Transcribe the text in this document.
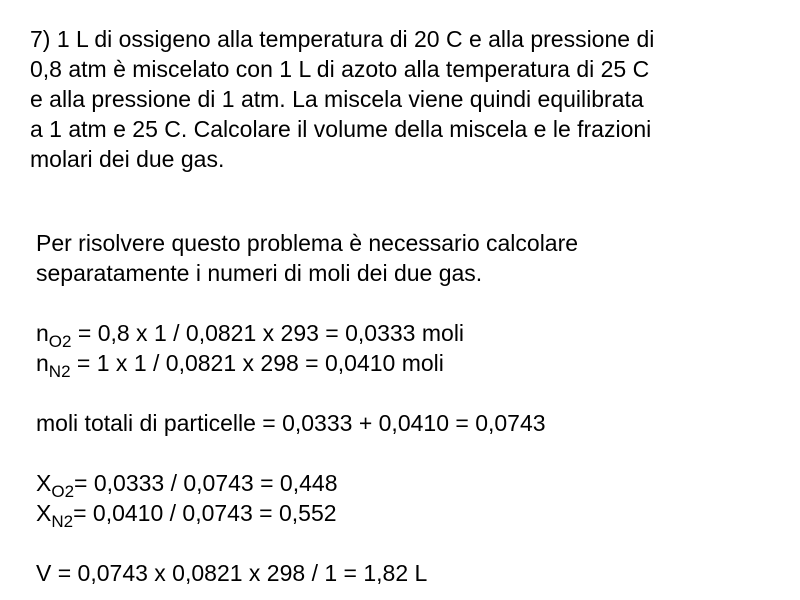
7) 1 L di ossigeno alla temperatura di 20 C e alla pressione di
0,8 atm è miscelato con 1 L di azoto alla temperatura di 25 C
e alla pressione di 1 atm. La miscela viene quindi equilibrata
a 1 atm e 25 C. Calcolare il volume della miscela e le frazioni
molari dei due gas.
Per risolvere questo problema è necessario calcolare
separatamente i numeri di moli dei due gas.
$n_{O2} = 0,8$ x 1 / 0,0821 x 293 = 0,0333 moli
$n_{N2} = 1$ x 1 / 0,0821 x 298 = 0,0410 moli
moli totali di particelle = 0,0333 + 0,0410 = 0,0743
$X_{O2}= 0,0333 / 0,0743 = 0,448$
$X_{N2}= 0,0410 / 0,0743 = 0,552$
V = 0,0743 x 0,0821 x 298 / 1 = 1,82 L
